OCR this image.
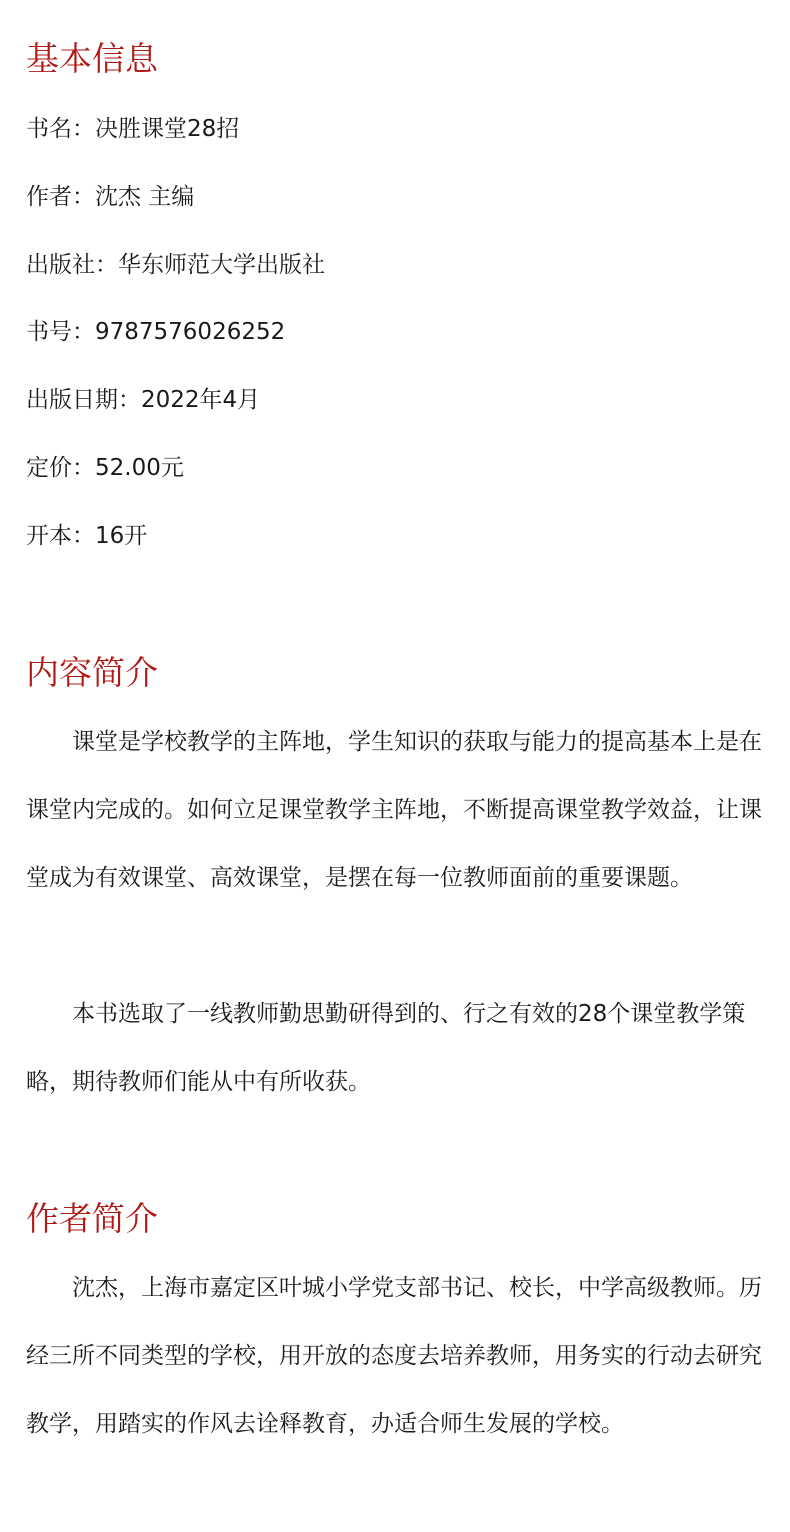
基本信息

书名：决胜课堂28招

作者：沈杰 主编

出版社：华东师范大学出版社

书号：9787576026252

出版日期：2022年4月

定价：52.00元

开本：16开

内容简介

课堂是学校教学的主阵地，学生知识的获取与能力的提高基本上是在课堂内完成的。如何立足课堂教学主阵地，不断提高课堂教学效益，让课堂成为有效课堂、高效课堂，是摆在每一位教师面前的重要课题。

本书选取了一线教师勤思勤研得到的、行之有效的28个课堂教学策略，期待教师们能从中有所收获。

作者简介

沈杰，上海市嘉定区叶城小学党支部书记、校长，中学高级教师。历经三所不同类型的学校，用开放的态度去培养教师，用务实的行动去研究教学，用踏实的作风去诠释教育，办适合师生发展的学校。
